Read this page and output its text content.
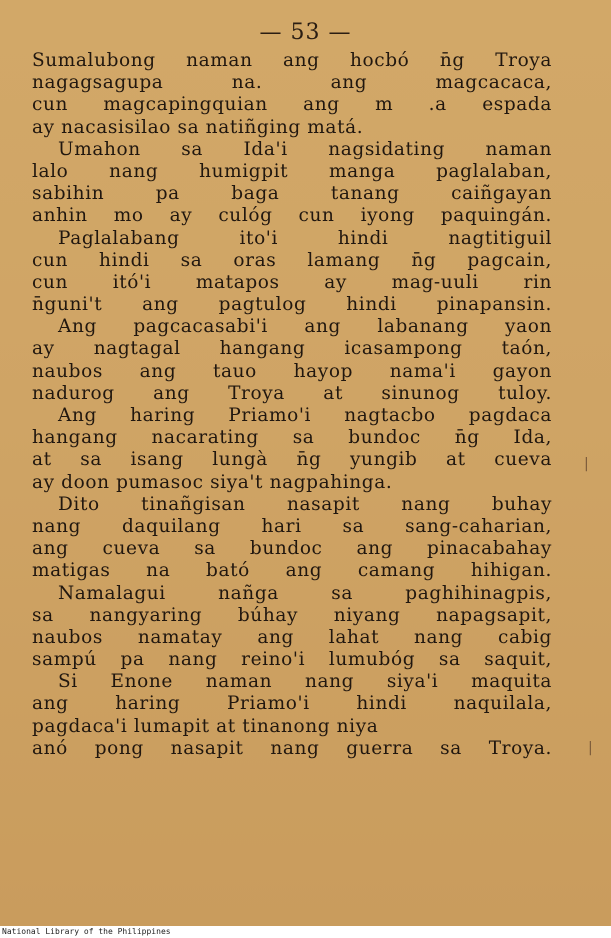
— 53 —
Sumalubong naman ang hocbó n̄g Troya
nagagsagupa na. ang magcacaca,
cun magcapingquian ang m .a espada
ay nacasisilao sa natiñging matá.
Umahon sa Ida'i nagsidating naman
lalo nang humigpit manga paglalaban,
sabihin pa baga tanang caiñgayan
anhin mo ay culóg cun iyong paquingán.
Paglalabang ito'i hindi nagtitiguil
cun hindi sa oras lamang n̄g pagcain,
cun itó'i matapos ay mag-uuli rin
n̄guni't ang pagtulog hindi pinapansin.
Ang pagcacasabi'i ang labanang yaon
ay nagtagal hangang icasampong taón,
naubos ang tauo hayop nama'i gayon
nadurog ang Troya at sinunog tuloy.
Ang haring Priamo'i nagtacbo pagdaca
hangang nacarating sa bundoc n̄g Ida,
at sa isang lungà n̄g yungib at cueva
ay doon pumasoc siya't nagpahinga.
Dito tinañgisan nasapit nang buhay
nang daquilang hari sa sang-caharian,
ang cueva sa bundoc ang pinacabahay
matigas na bató ang camang hihigan.
Namalagui nañga sa paghihinagpis,
sa nangyaring búhay niyang napagsapit,
naubos namatay ang lahat nang cabig
sampú pa nang reino'i lumubóg sa saquit,
Si Enone naman nang siya'i maquita
ang haring Priamo'i hindi naquilala,
pagdaca'i lumapit at tinanong niya
anó pong nasapit nang guerra sa Troya.
|
|
National Library of the Philippines
